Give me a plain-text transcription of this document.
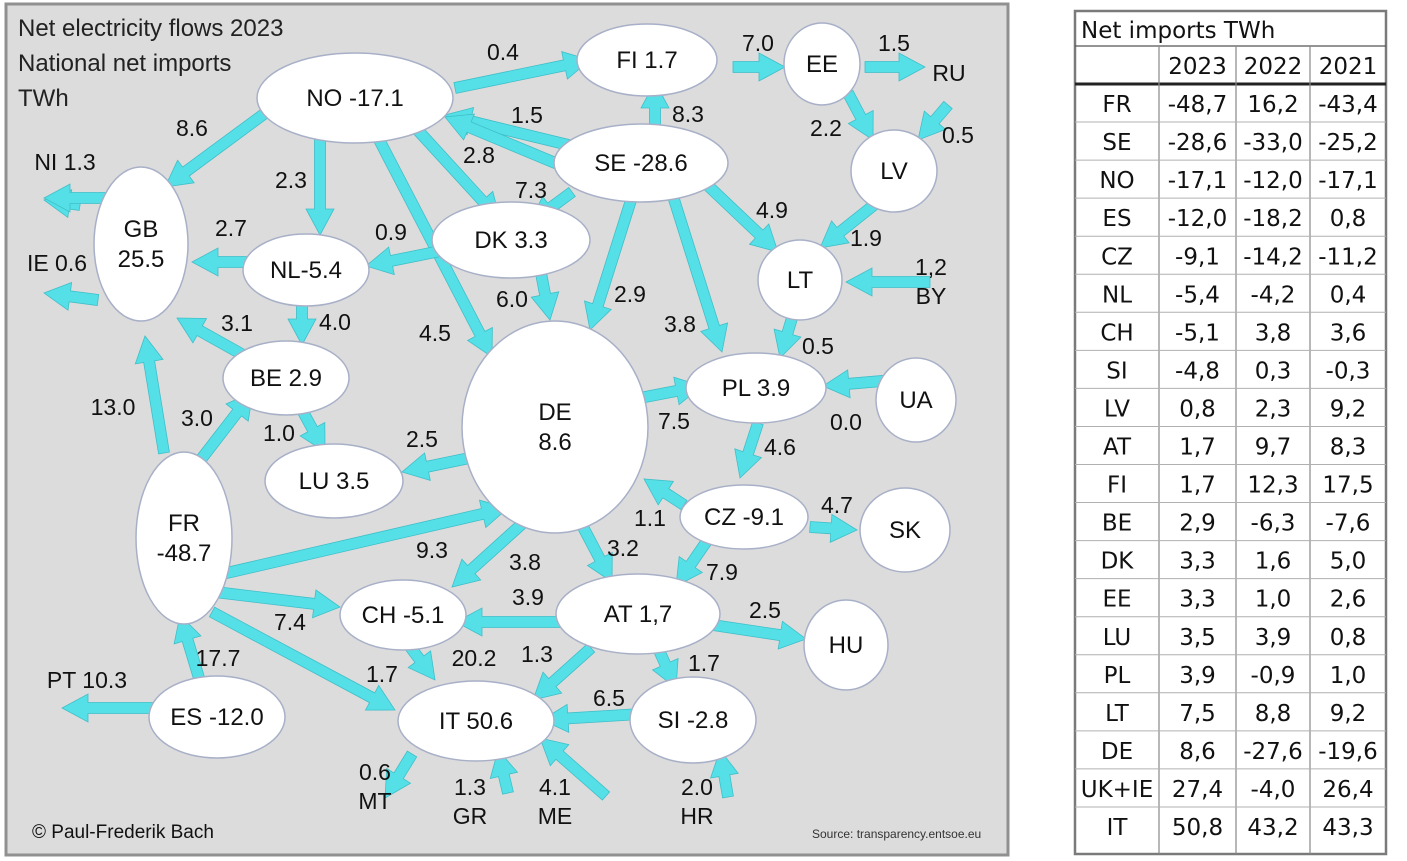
NO -17.1
FI 1.7	EE
SE -28.6	LV
LT
GB
25.5	NL-5.4
DK 3.3
BE 2.9
DE
8.6
PL 3.9	UA
LU 3.5
CZ -9.1	SK
FR
-48.7
CH -5.1	AT 1,7
HU
IT 50.6	SI -2.8
ES -12.0
0.4	7.0	1.5
8.6	1.5	8.3
2.2	0.5
2.8
2.3	7.3
4.9
2.7	0.9	1.9
6.0	2.9
3.8
0.5
3.1	4.0	4.5
13.0 3.0
1.0	2.5
7.5	0.0
4.6
1.1	4.7
9.3	3.8
3.2
7.9
3.9	2.5
7.4
20.2 1.3	1.7
17.7
1.7
6.5
RU
NI 1.3
IE 0.6	1,2
BY
PT 10.3
0.6
MT
1.3
GR
4.1
ME
2.0
HR
Net electricity flows 2023
National net imports
TWh
© Paul-Frederik Bach	Source: transparency.entsoe.eu
Net imports TWh
2023 2022 2021
FR -48,7 16,2 -43,4
SE -28,6 -33,0 -25,2
NO -17,1 -12,0 -17,1
ES -12,0 -18,2 0,8
CZ -9,1 -14,2 -11,2
NL -5,4 -4,2 0,4
CH -5,1 3,8 3,6
SI -4,8 0,3 -0,3
LV 0,8 2,3 9,2
AT 1,7 9,7 8,3
FI 1,7 12,3 17,5
BE 2,9 -6,3 -7,6
DK 3,3 1,6 5,0
EE 3,3 1,0 2,6
LU 3,5 3,9 0,8
PL 3,9 -0,9 1,0
LT 7,5 8,8 9,2
DE 8,6 -27,6 -19,6
UK+IE 27,4 -4,0 26,4
IT 50,8 43,2 43,3
